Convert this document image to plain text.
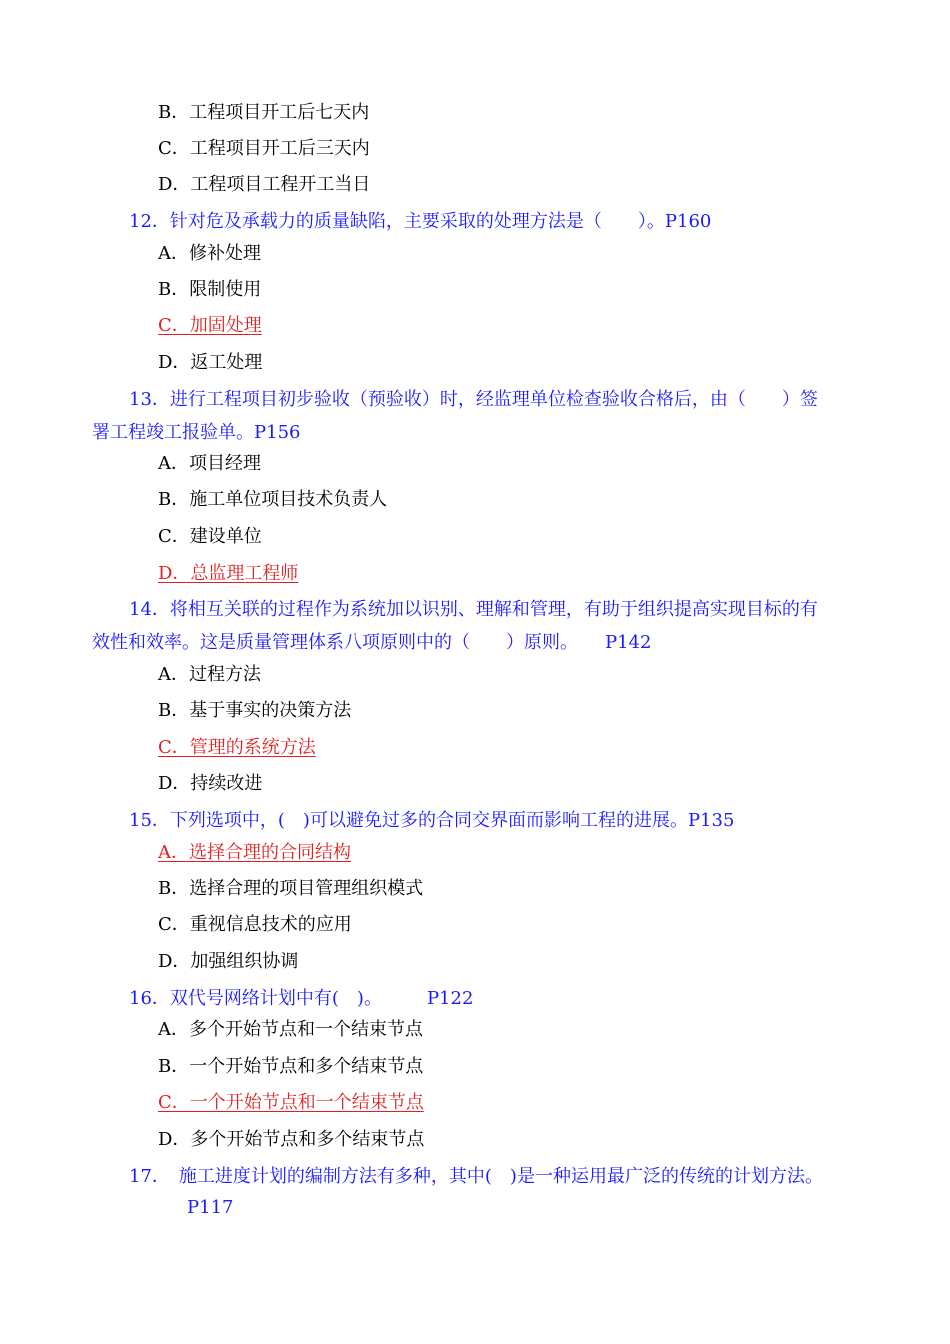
B．工程项目开工后七天内
C．工程项目开工后三天内
D．工程项目工程开工当日
12．针对危及承载力的质量缺陷，主要采取的处理方法是（　　）。P160
A．修补处理
B．限制使用
C．加固处理
D．返工处理
13．进行工程项目初步验收（预验收）时，经监理单位检查验收合格后，由（　　）签
署工程竣工报验单。P156
A．项目经理
B．施工单位项目技术负责人
C．建设单位
D．总监理工程师
14．将相互关联的过程作为系统加以识别、理解和管理，有助于组织提高实现目标的有
效性和效率。这是质量管理体系八项原则中的（　　）原则。　　P142
A．过程方法
B．基于事实的决策方法
C．管理的系统方法
D．持续改进
15．下列选项中，(　)可以避免过多的合同交界面而影响工程的进展。P135
A．选择合理的合同结构
B．选择合理的项目管理组织模式
C．重视信息技术的应用
D．加强组织协调
16．双代号网络计划中有(　)。　　　P122
A．多个开始节点和一个结束节点
B．一个开始节点和多个结束节点
C．一个开始节点和一个结束节点
D．多个开始节点和多个结束节点
17．　施工进度计划的编制方法有多种，其中(　)是一种运用最广泛的传统的计划方法。
P117
